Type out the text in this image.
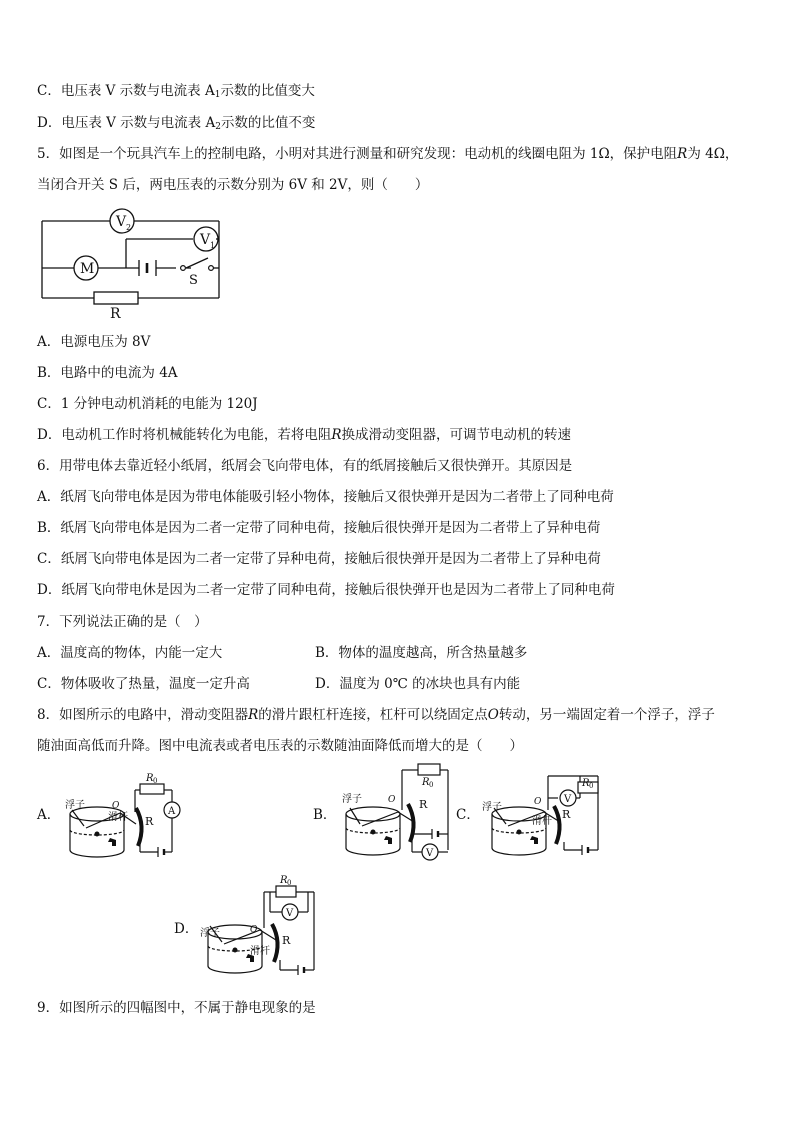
C．电压表 V 示数与电流表 $A_1$示数的比值变大
D．电压表 V 示数与电流表 $A_2$示数的比值不变
5．如图是一个玩具汽车上的控制电路，小明对其进行测量和研究发现：电动机的线圈电阻为 1Ω，保护电阻R为 4Ω，
当闭合开关 S 后，两电压表的示数分别为 6V 和 2V，则（　　）
V 2
V 1
M
S
R
A．电源电压为 8V
B．电路中的电流为 4A
C．1 分钟电动机消耗的电能为 120J
D．电动机工作时将机械能转化为电能，若将电阻R换成滑动变阻器，可调节电动机的转速
6．用带电体去靠近轻小纸屑，纸屑会飞向带电体，有的纸屑接触后又很快弹开。其原因是
A．纸屑飞向带电体是因为带电体能吸引轻小物体，接触后又很快弹开是因为二者带上了同种电荷
B．纸屑飞向带电体是因为二者一定带了同种电荷，接触后很快弹开是因为二者带上了异种电荷
C．纸屑飞向带电体是因为二者一定带了异种电荷，接触后很快弹开是因为二者带上了异种电荷
D．纸屑飞向带电休是因为二者一定带了同种电荷，接触后很快弹开也是因为二者带上了同种电荷
7．下列说法正确的是（　）
A．温度高的物体，内能一定大	B．物体的温度越高，所含热量越多
C．物体吸收了热量，温度一定升高	D．温度为 0℃ 的冰块也具有内能
8．如图所示的电路中，滑动变阻器R的滑片跟杠杆连接，杠杆可以绕固定点O转动，另一端固定着一个浮子，浮子
随油面高低而升降。图中电流表或者电压表的示数随油面降低而增大的是（　　）
A．	B．	C．
D．
浮子
滑杆
O
R
R 0
A
浮子	O R
R 0
V
浮子
滑杆
O
R
R 0
V
浮子
滑杆
O
R
R 0
V
9．如图所示的四幅图中，不属于静电现象的是
